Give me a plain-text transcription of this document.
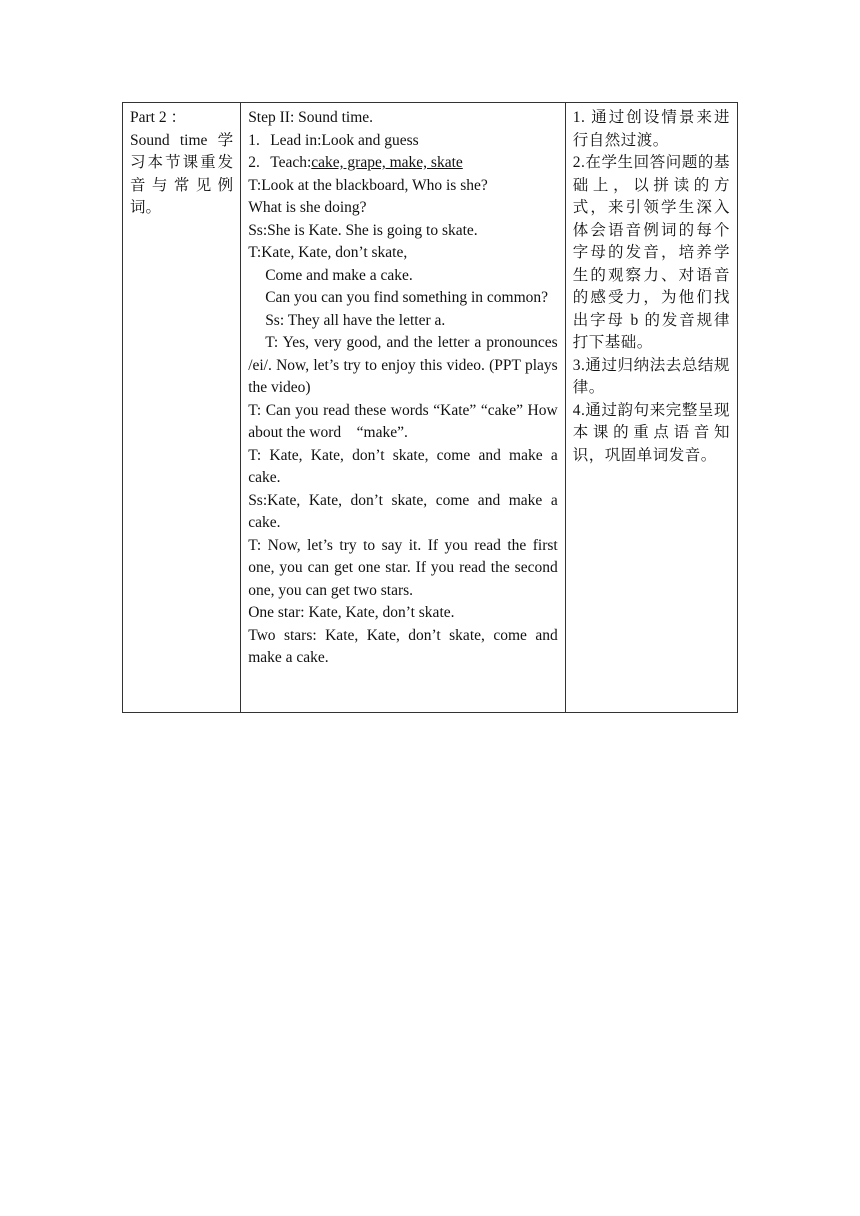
Part 2 ：
Sound time 学习本节课重发音与常见例词。

Step II: Sound time.
1. Lead in:Look and guess
2. Teach:cake, grape, make, skate
T:Look at the blackboard, Who is she?
What is she doing?
Ss:She is Kate. She is going to skate.
T:Kate, Kate, don’t skate,
Come and make a cake.
Can you can you find something in common?
Ss: They all have the letter a.
T: Yes, very good, and the letter a pronounces /ei/. Now, let’s try to enjoy this video. (PPT plays the video)
T: Can you read these words “Kate” “cake” How about the word　“make”.
T: Kate, Kate, don’t skate, come and make a cake.
Ss:Kate, Kate, don’t skate, come and make a cake.
T: Now, let’s try to say it. If you read the first one, you can get one star. If you read the second one, you can get two stars.
One star: Kate, Kate, don’t skate.
Two stars: Kate, Kate, don’t skate, come and make a cake.

1. 通过创设情景来进行自然过渡。
2.在学生回答问题的基础上，以拼读的方式，来引领学生深入体会语音例词的每个字母的发音，培养学生的观察力、对语音的感受力，为他们找出字母 b 的发音规律打下基础。
3.通过归纳法去总结规律。
4.通过韵句来完整呈现本课的重点语音知识，巩固单词发音。
